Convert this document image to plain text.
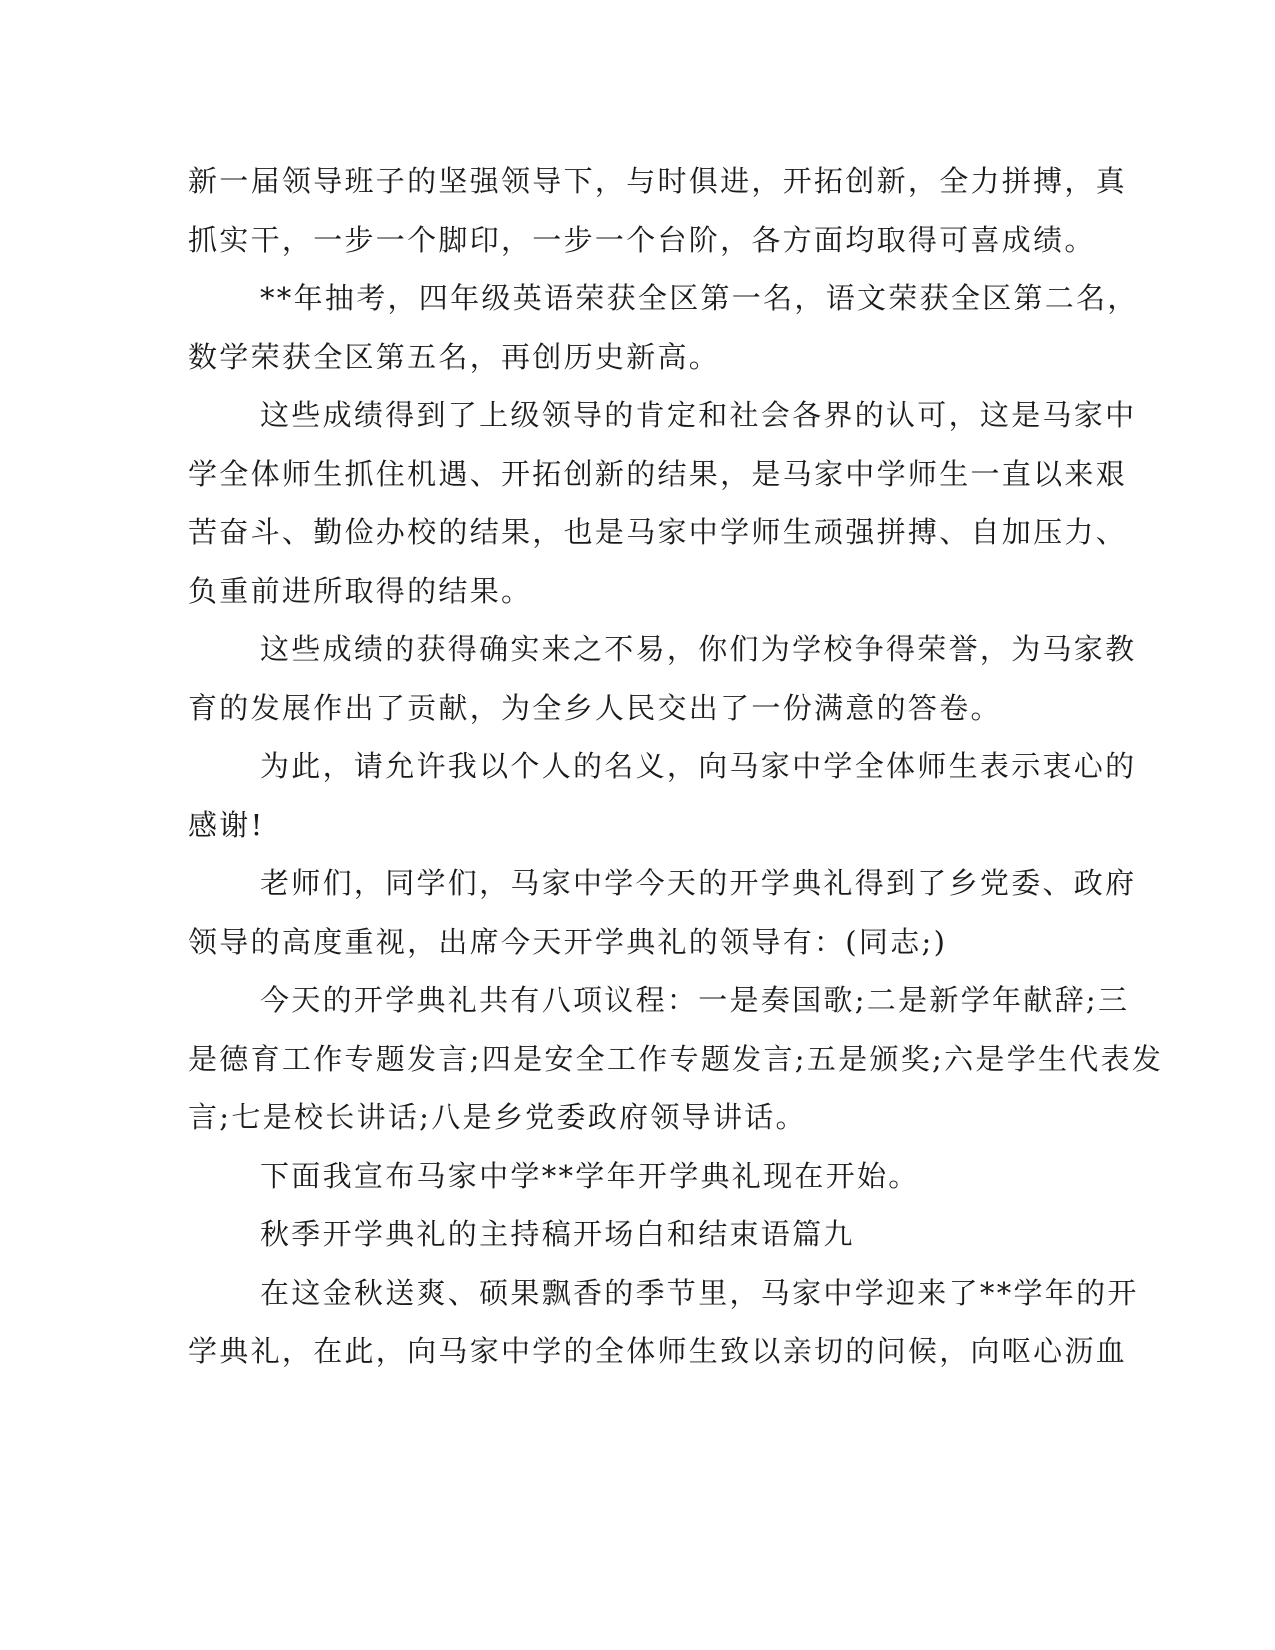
新一届领导班子的坚强领导下，与时俱进，开拓创新，全力拼搏，真
抓实干，一步一个脚印，一步一个台阶，各方面均取得可喜成绩。
**年抽考，四年级英语荣获全区第一名，语文荣获全区第二名，
数学荣获全区第五名，再创历史新高。
这些成绩得到了上级领导的肯定和社会各界的认可，这是马家中
学全体师生抓住机遇、开拓创新的结果，是马家中学师生一直以来艰
苦奋斗、勤俭办校的结果，也是马家中学师生顽强拼搏、自加压力、
负重前进所取得的结果。
这些成绩的获得确实来之不易，你们为学校争得荣誉，为马家教
育的发展作出了贡献，为全乡人民交出了一份满意的答卷。
为此，请允许我以个人的名义，向马家中学全体师生表示衷心的
感谢!
老师们，同学们，马家中学今天的开学典礼得到了乡党委、政府
领导的高度重视，出席今天开学典礼的领导有：(同志;)
今天的开学典礼共有八项议程：一是奏国歌;二是新学年献辞;三
是德育工作专题发言;四是安全工作专题发言;五是颁奖;六是学生代表发
言;七是校长讲话;八是乡党委政府领导讲话。
下面我宣布马家中学**学年开学典礼现在开始。
秋季开学典礼的主持稿开场白和结束语篇九
在这金秋送爽、硕果飘香的季节里，马家中学迎来了**学年的开
学典礼，在此，向马家中学的全体师生致以亲切的问候，向呕心沥血
